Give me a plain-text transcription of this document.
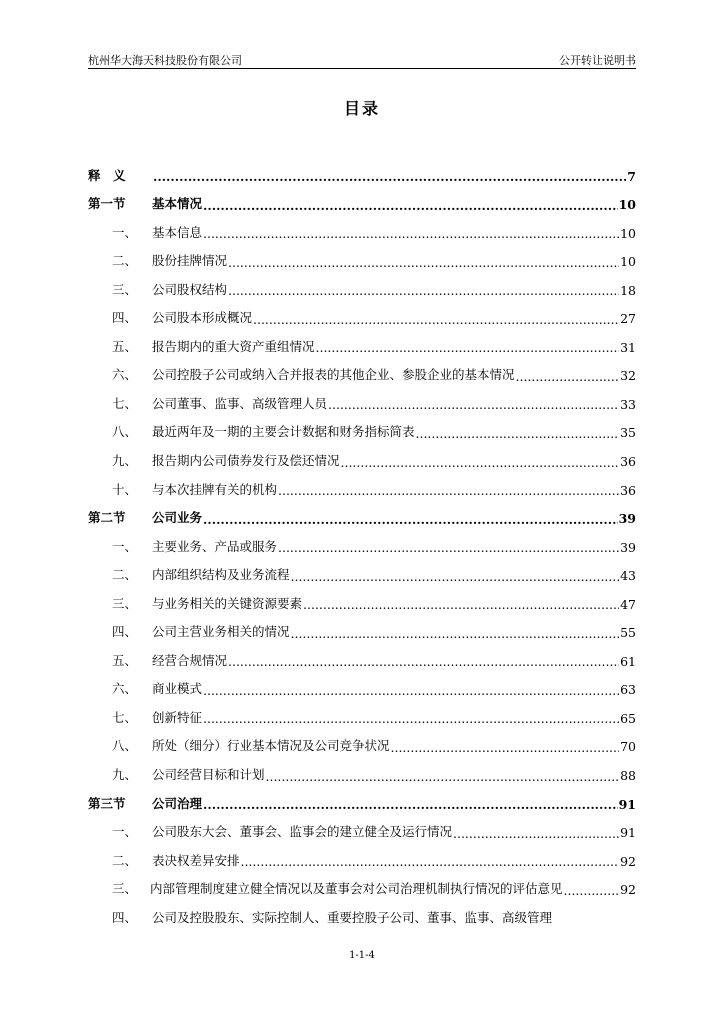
杭州华大海天科技股份有限公司	公开转让说明书
目录
释　义 .....	7
第一节	基本情况 .....	10
一、	基本信息 .....	10
二、	股份挂牌情况 .....	10
三、	公司股权结构 .....	18
四、	公司股本形成概况 .....	27
五、	报告期内的重大资产重组情况 .....	31
六、	公司控股子公司或纳入合并报表的其他企业、参股企业的基本情况 .....	32
七、	公司董事、监事、高级管理人员 .....	33
八、	最近两年及一期的主要会计数据和财务指标简表 .....	35
九、	报告期内公司债券发行及偿还情况 .....	36
十、	与本次挂牌有关的机构 .....	36
第二节	公司业务 .....	39
一、	主要业务、产品或服务 .....	39
二、	内部组织结构及业务流程 .....	43
三、	与业务相关的关键资源要素 .....	47
四、	公司主营业务相关的情况 .....	55
五、	经营合规情况 .....	61
六、	商业模式 .....	63
七、	创新特征 .....	65
八、	所处（细分）行业基本情况及公司竞争状况 .....	70
九、	公司经营目标和计划 .....	88
第三节	公司治理 .....	91
一、	公司股东大会、董事会、监事会的建立健全及运行情况 .....	91
二、	表决权差异安排 .....	92
三、	内部管理制度建立健全情况以及董事会对公司治理机制执行情况的评估意见 .....	92
四、	公司及控股股东、实际控制人、重要控股子公司、董事、监事、高级管理
1-1-4
